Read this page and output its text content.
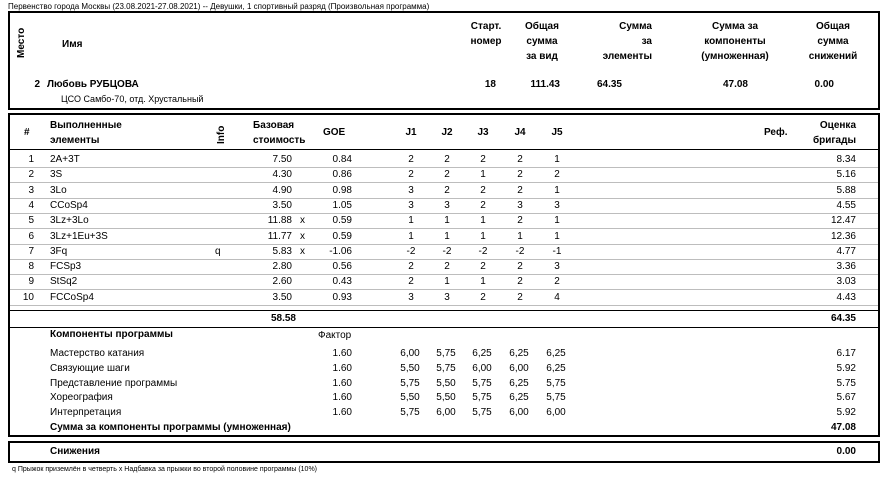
Первенство города Москвы (23.08.2021-27.08.2021) -- Девушки, 1 спортивный разряд (Произвольная программа)
Место	Имя
Старт.
номер
Общая
сумма
за вид
Сумма
за
элементы
Сумма за
компоненты
(умноженная)
Общая
сумма
снижений
2 Любовь РУБЦОВА
ЦСО Самбо-70, отд. Хрустальный
18	111.43	64.35	47.08	0.00
#
Выполненные
элементы	Info
Базовая
стоимость
GOE	J1	J2	J3	J4	J5	Реф.
Оценка
бригады
1 2A+3T	7.50	0.84	2	2	2	2	1	8.34
2 3S	4.30	0.86	2	2	1	2	2	5.16
3 3Lo	4.90	0.98	3	2	2	2	1	5.88
4 CCoSp4	3.50	1.05	3	3	2	3	3	4.55
5 3Lz+3Lo	11.88 x	0.59	1	1	1	2	1	12.47
6 3Lz+1Eu+3S	11.77 x	0.59	1	1	1	1	1	12.36
7 3Fq	q	5.83 x	-1.06	-2	-2	-2	-2	-1	4.77
8 FCSp3	2.80	0.56	2	2	2	2	3	3.36
9 StSq2	2.60	0.43	2	1	1	2	2	3.03
10 FCCoSp4	3.50	0.93	3	3	2	2	4	4.43
58.58	64.35
Компоненты программы	Фактор
Мастерство катания	1.60	6,00	5,75	6,25	6,25	6,25	6.17
Связующие шаги	1.60	5,50	5,75	6,00	6,00	6,25	5.92
Представление программы	1.60	5,75	5,50	5,75	6,25	5,75	5.75
Хореография	1.60	5,50	5,50	5,75	6,25	5,75	5.67
Интерпретация	1.60	5,75	6,00	5,75	6,00	6,00	5.92
Сумма за компоненты программы (умноженная)	47.08
Снижения	0.00
q Прыжок приземлён в четверть x Надбавка за прыжки во второй половине программы (10%)
